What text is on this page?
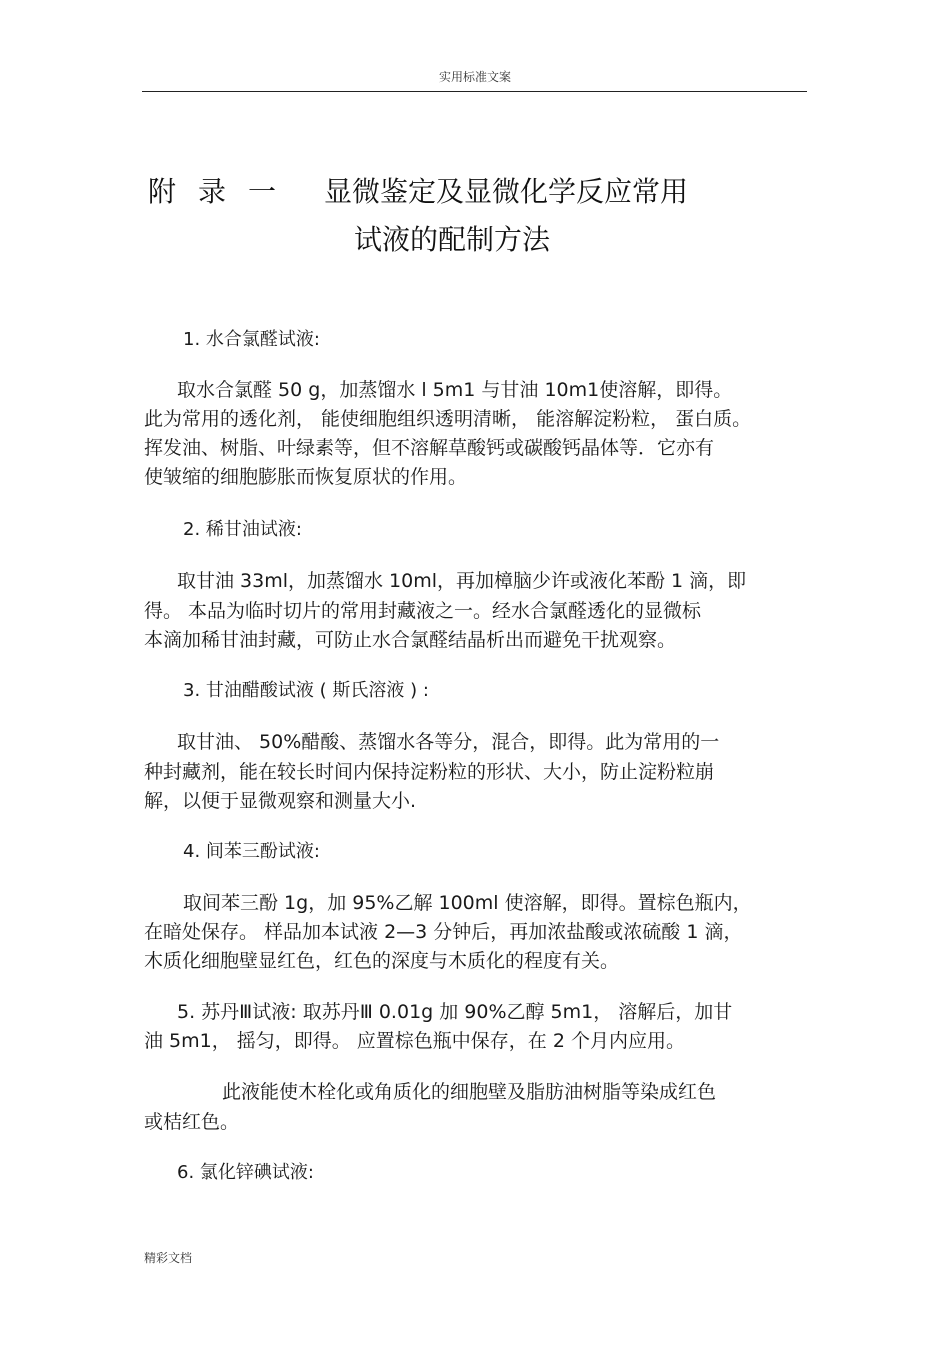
实用标准文案
附录一 显微鉴定及显微化学反应常用
试液的配制方法
1. 水合氯醛试液:
取水合氯醛 50 g，加蒸馏水 l 5m1 与甘油 10m1使溶解，即得。
此为常用的透化剂， 能使细胞组织透明清晰， 能溶解淀粉粒， 蛋白质。
挥发油、树脂、叶绿素等，但不溶解草酸钙或碳酸钙晶体等．它亦有
使皱缩的细胞膨胀而恢复原状的作用。
2. 稀甘油试液:
取甘油 33ml，加蒸馏水 10ml，再加樟脑少许或液化苯酚 1 滴，即
得。 本品为临时切片的常用封藏液之一。经水合氯醛透化的显微标
本滴加稀甘油封藏，可防止水合氯醛结晶析出而避免干扰观察。
3. 甘油醋酸试液 ( 斯氏溶液 ) :
取甘油、 50%醋酸、蒸馏水各等分，混合，即得。此为常用的一
种封藏剂，能在较长时间内保持淀粉粒的形状、大小，防止淀粉粒崩
解，以便于显微观察和测量大小.
4. 间苯三酚试液:
取间苯三酚 1g，加 95%乙解 100ml 使溶解，即得。置棕色瓶内，
在暗处保存。 样品加本试液 2—3 分钟后，再加浓盐酸或浓硫酸 1 滴，
木质化细胞壁显红色，红色的深度与木质化的程度有关。
5. 苏丹Ⅲ试液: 取苏丹Ⅲ 0.01g 加 90%乙醇 5m1， 溶解后，加甘
油 5m1， 摇匀，即得。 应置棕色瓶中保存，在 2 个月内应用。
此液能使木栓化或角质化的细胞壁及脂肪油树脂等染成红色
或桔红色。
6. 氯化锌碘试液:
精彩文档
